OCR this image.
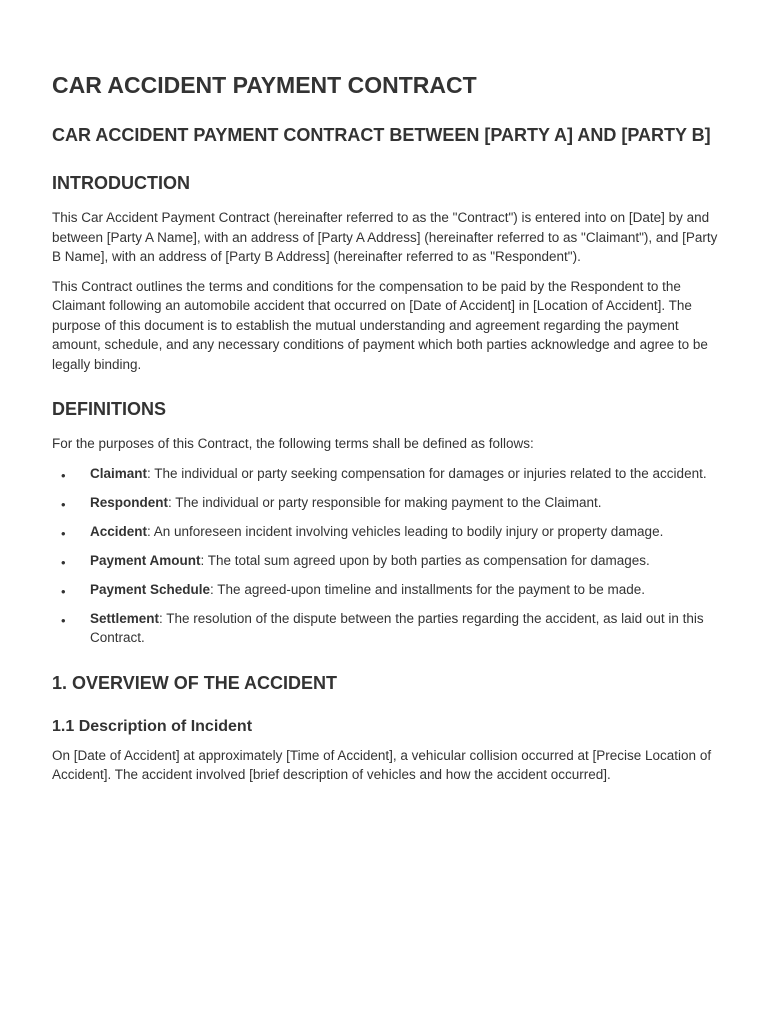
CAR ACCIDENT PAYMENT CONTRACT
CAR ACCIDENT PAYMENT CONTRACT BETWEEN [PARTY A] AND [PARTY B]
INTRODUCTION

This Car Accident Payment Contract (hereinafter referred to as the "Contract") is entered into on [Date] by and between [Party A Name], with an address of [Party A Address] (hereinafter referred to as "Claimant"), and [Party B Name], with an address of [Party B Address] (hereinafter referred to as "Respondent").

This Contract outlines the terms and conditions for the compensation to be paid by the Respondent to the Claimant following an automobile accident that occurred on [Date of Accident] in [Location of Accident]. The purpose of this document is to establish the mutual understanding and agreement regarding the payment amount, schedule, and any necessary conditions of payment which both parties acknowledge and agree to be legally binding.

DEFINITIONS

For the purposes of this Contract, the following terms shall be defined as follows:

• Claimant: The individual or party seeking compensation for damages or injuries related to the accident.
• Respondent: The individual or party responsible for making payment to the Claimant.
• Accident: An unforeseen incident involving vehicles leading to bodily injury or property damage.
• Payment Amount: The total sum agreed upon by both parties as compensation for damages.
• Payment Schedule: The agreed-upon timeline and installments for the payment to be made.
• Settlement: The resolution of the dispute between the parties regarding the accident, as laid out in this Contract.
1. OVERVIEW OF THE ACCIDENT
1.1 Description of Incident

On [Date of Accident] at approximately [Time of Accident], a vehicular collision occurred at [Precise Location of Accident]. The accident involved [brief description of vehicles and how the accident occurred].
